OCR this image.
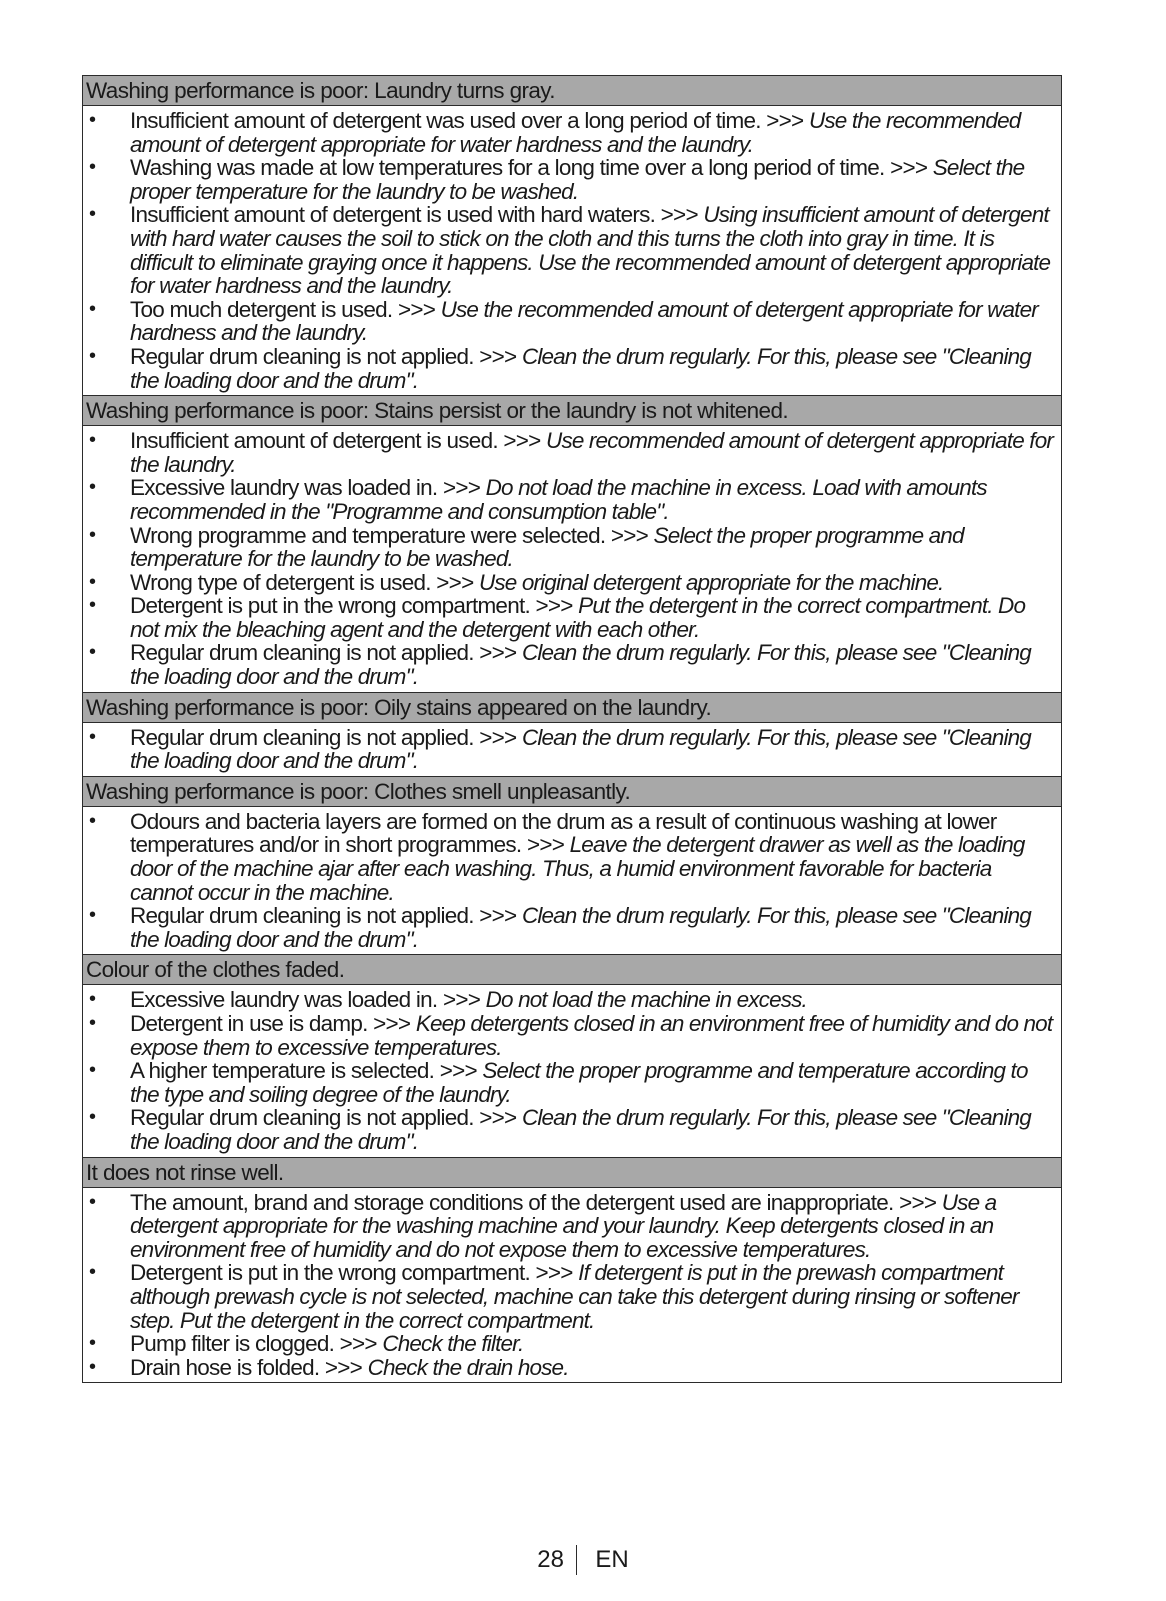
Washing performance is poor: Laundry turns gray.
• Insufficient amount of detergent was used over a long period of time. >>> Use the recommended amount of detergent appropriate for water hardness and the laundry.
• Washing was made at low temperatures for a long time over a long period of time. >>> Select the proper temperature for the laundry to be washed.
• Insufficient amount of detergent is used with hard waters. >>> Using insufficient amount of detergent with hard water causes the soil to stick on the cloth and this turns the cloth into gray in time. It is difficult to eliminate graying once it happens. Use the recommended amount of detergent appropriate for water hardness and the laundry.
• Too much detergent is used. >>> Use the recommended amount of detergent appropriate for water hardness and the laundry.
• Regular drum cleaning is not applied. >>> Clean the drum regularly. For this, please see "Cleaning the loading door and the drum".
Washing performance is poor: Stains persist or the laundry is not whitened.
• Insufficient amount of detergent is used. >>> Use recommended amount of detergent appropriate for the laundry.
• Excessive laundry was loaded in. >>> Do not load the machine in excess. Load with amounts recommended in the "Programme and consumption table".
• Wrong programme and temperature were selected. >>> Select the proper programme and temperature for the laundry to be washed.
• Wrong type of detergent is used. >>> Use original detergent appropriate for the machine.
• Detergent is put in the wrong compartment. >>> Put the detergent in the correct compartment. Do not mix the bleaching agent and the detergent with each other.
• Regular drum cleaning is not applied. >>> Clean the drum regularly. For this, please see "Cleaning the loading door and the drum".
Washing performance is poor: Oily stains appeared on the laundry.
• Regular drum cleaning is not applied. >>> Clean the drum regularly. For this, please see "Cleaning the loading door and the drum".
Washing performance is poor: Clothes smell unpleasantly.
• Odours and bacteria layers are formed on the drum as a result of continuous washing at lower temperatures and/or in short programmes. >>> Leave the detergent drawer as well as the loading door of the machine ajar after each washing. Thus, a humid environment favorable for bacteria cannot occur in the machine.
• Regular drum cleaning is not applied. >>> Clean the drum regularly. For this, please see "Cleaning the loading door and the drum".
Colour of the clothes faded.
• Excessive laundry was loaded in. >>> Do not load the machine in excess.
• Detergent in use is damp. >>> Keep detergents closed in an environment free of humidity and do not expose them to excessive temperatures.
• A higher temperature is selected. >>> Select the proper programme and temperature according to the type and soiling degree of the laundry.
• Regular drum cleaning is not applied. >>> Clean the drum regularly. For this, please see "Cleaning the loading door and the drum".
It does not rinse well.
• The amount, brand and storage conditions of the detergent used are inappropriate. >>> Use a detergent appropriate for the washing machine and your laundry. Keep detergents closed in an environment free of humidity and do not expose them to excessive temperatures.
• Detergent is put in the wrong compartment. >>> If detergent is put in the prewash compartment although prewash cycle is not selected, machine can take this detergent during rinsing or softener step. Put the detergent in the correct compartment.
• Pump filter is clogged. >>> Check the filter.
• Drain hose is folded. >>> Check the drain hose.
28	EN
